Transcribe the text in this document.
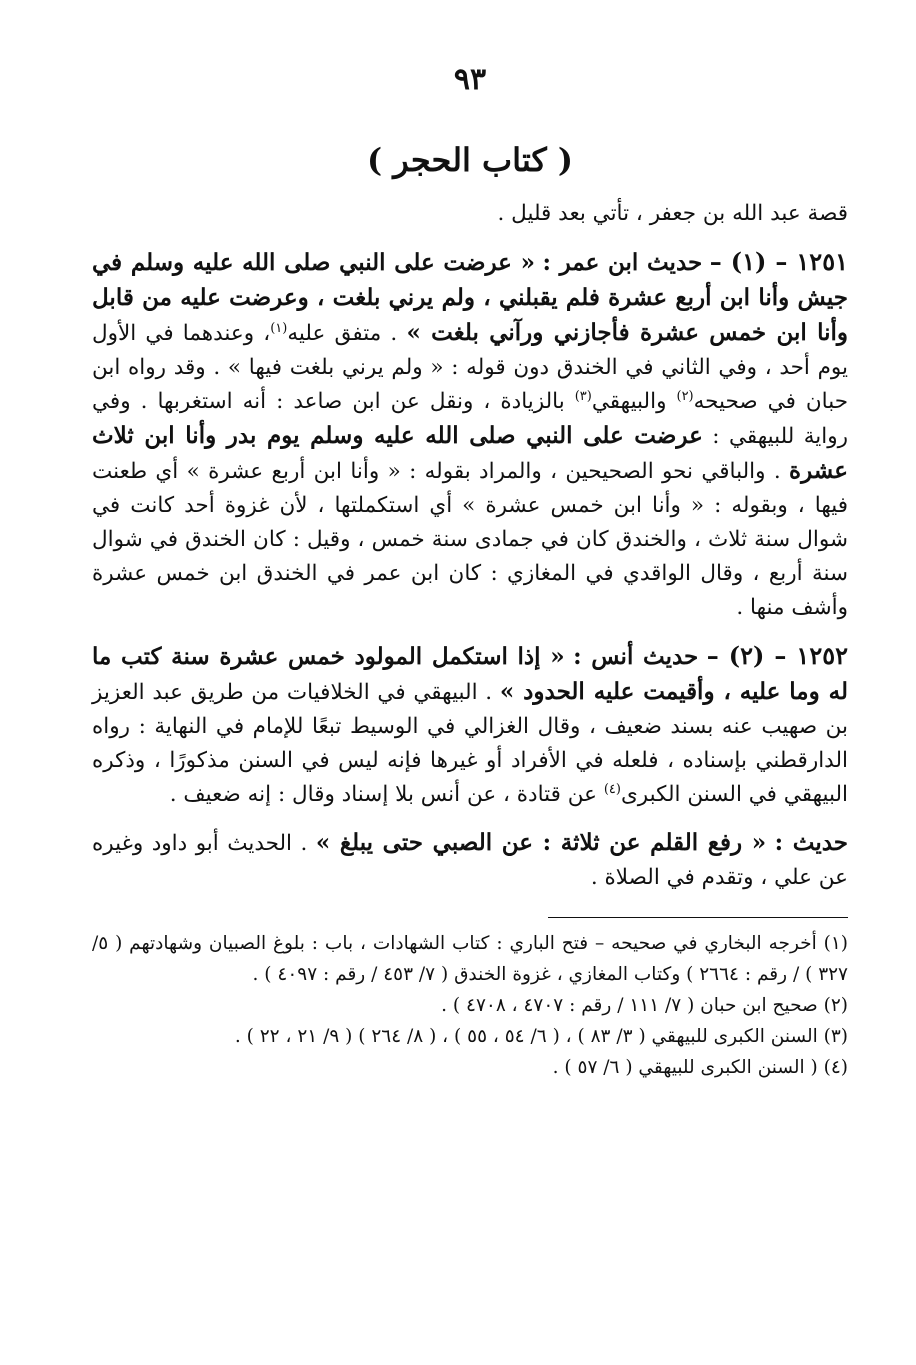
٩٣
( كتاب الحجر )

قصة عبد الله بن جعفر ، تأتي بعد قليل .

١٢٥١ – (١) – حديث ابن عمر : « عرضت على النبي صلى الله عليه وسلم في جيش وأنا ابن أربع عشرة فلم يقبلني ، ولم يرني بلغت ، وعرضت عليه من قابل وأنا ابن خمس عشرة فأجازني ورآني بلغت » . متفق عليه$^{(١)}$، وعندهما في الأول يوم أحد ، وفي الثاني في الخندق دون قوله : « ولم يرني بلغت فيها » . وقد رواه ابن حبان في صحيحه$^{(٢)}$ والبيهقي$^{(٣)}$ بالزيادة ، ونقل عن ابن صاعد : أنه استغربها . وفي رواية للبيهقي : عرضت على النبي صلى الله عليه وسلم يوم بدر وأنا ابن ثلاث عشرة . والباقي نحو الصحيحين ، والمراد بقوله : « وأنا ابن أربع عشرة » أي طعنت فيها ، وبقوله : « وأنا ابن خمس عشرة » أي استكملتها ، لأن غزوة أحد كانت في شوال سنة ثلاث ، والخندق كان في جمادى سنة خمس ، وقيل : كان الخندق في شوال سنة أربع ، وقال الواقدي في المغازي : كان ابن عمر في الخندق ابن خمس عشرة وأشف منها .

١٢٥٢ – (٢) – حديث أنس : « إذا استكمل المولود خمس عشرة سنة كتب ما له وما عليه ، وأقيمت عليه الحدود » . البيهقي في الخلافيات من طريق عبد العزيز بن صهيب عنه بسند ضعيف ، وقال الغزالي في الوسيط تبعًا للإمام في النهاية : رواه الدارقطني بإسناده ، فلعله في الأفراد أو غيرها فإنه ليس في السنن مذكورًا ، وذكره البيهقي في السنن الكبرى$^{(٤)}$ عن قتادة ، عن أنس بلا إسناد وقال : إنه ضعيف .

حديث : « رفع القلم عن ثلاثة : عن الصبي حتى يبلغ » . الحديث أبو داود وغيره عن علي ، وتقدم في الصلاة .

(١) أخرجه البخاري في صحيحه – فتح الباري : كتاب الشهادات ، باب : بلوغ الصبيان وشهادتهم ( ٥/ ٣٢٧ ) / رقم : ٢٦٦٤ ) وكتاب المغازي ، غزوة الخندق ( ٧/ ٤٥٣ / رقم : ٤٠٩٧ ) .

(٢) صحيح ابن حبان ( ٧/ ١١١ / رقم : ٤٧٠٧ ، ٤٧٠٨ ) .

(٣) السنن الكبرى للبيهقي ( ٣/ ٨٣ ) ، ( ٦/ ٥٤ ، ٥٥ ) ، ( ٨/ ٢٦٤ ) ( ٩/ ٢١ ، ٢٢ ) .

(٤) ( السنن الكبرى للبيهقي ( ٦/ ٥٧ ) .
